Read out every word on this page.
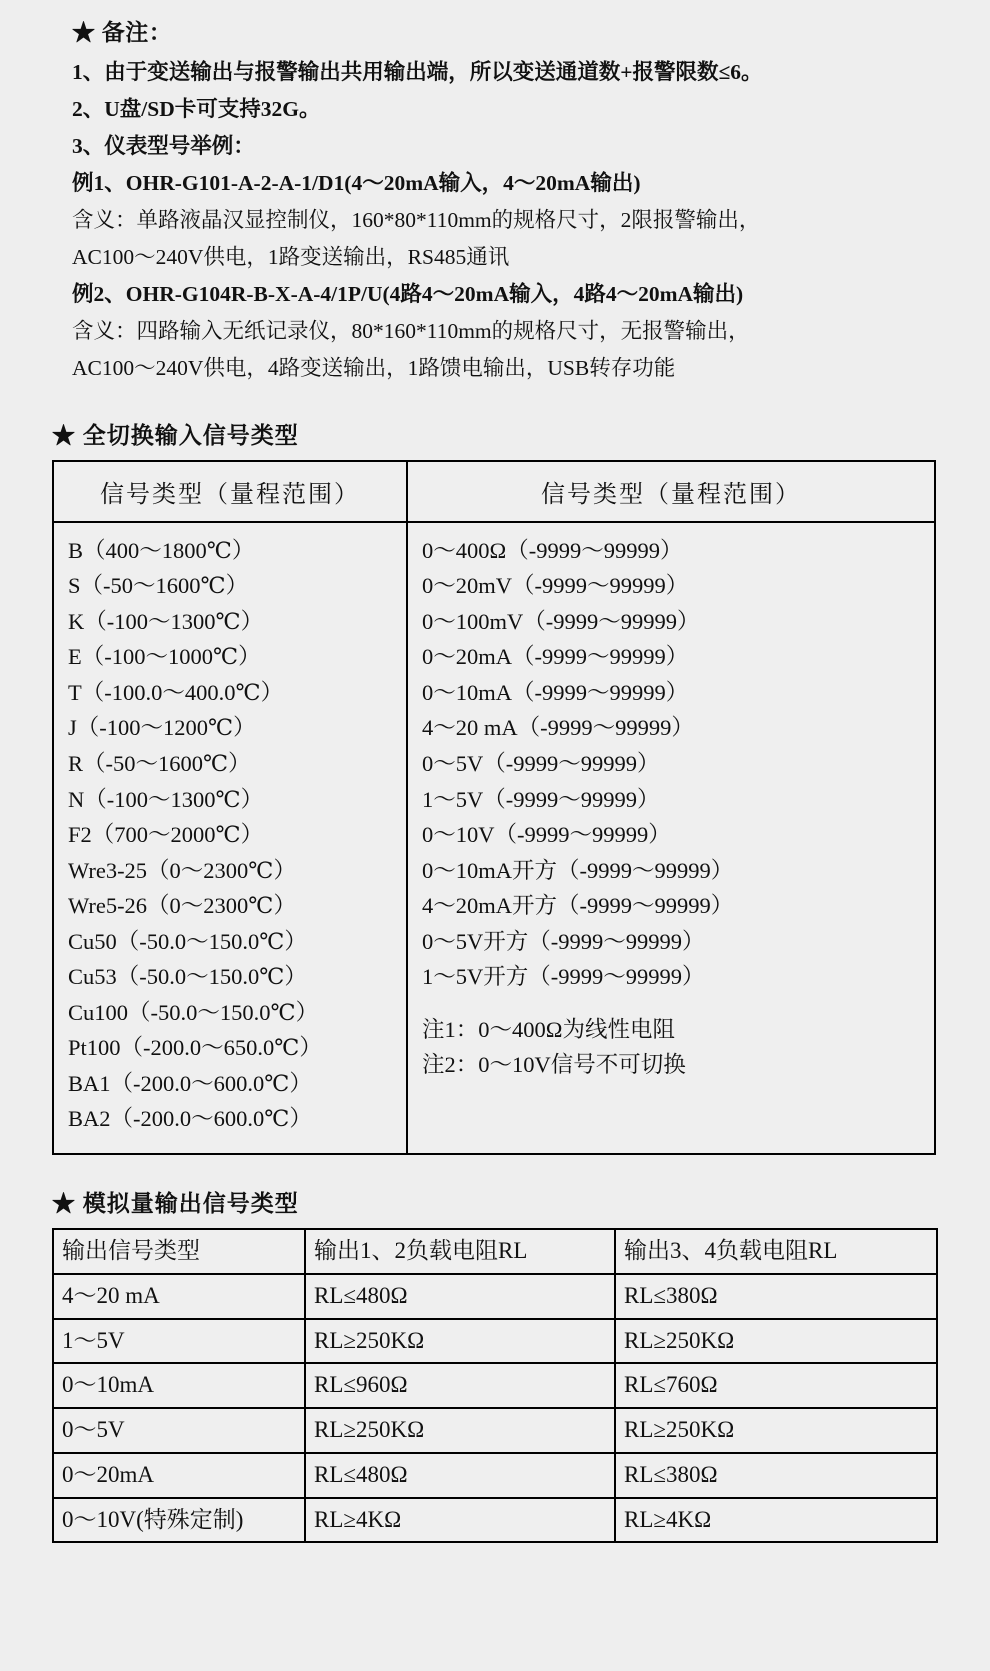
★ 备注：
1、由于变送输出与报警输出共用输出端，所以变送通道数+报警限数≤6。
2、U盘/SD卡可支持32G。
3、仪表型号举例：
例1、OHR-G101-A-2-A-1/D1(4～20mA输入，4～20mA输出)
含义：单路液晶汉显控制仪，160*80*110mm的规格尺寸，2限报警输出，
AC100～240V供电，1路变送输出，RS485通讯
例2、OHR-G104R-B-X-A-4/1P/U(4路4～20mA输入，4路4～20mA输出)
含义：四路输入无纸记录仪，80*160*110mm的规格尺寸，无报警输出，
AC100～240V供电，4路变送输出，1路馈电输出，USB转存功能
★ 全切换输入信号类型
信号类型（量程范围）	信号类型（量程范围）

B（400～1800℃）
S（-50～1600℃）
K（-100～1300℃）
E（-100～1000℃）
T（-100.0～400.0℃）
J（-100～1200℃）
R（-50～1600℃）
N（-100～1300℃）
F2（700～2000℃）
Wre3-25（0～2300℃）
Wre5-26（0～2300℃）
Cu50（-50.0～150.0℃）
Cu53（-50.0～150.0℃）
Cu100（-50.0～150.0℃）
Pt100（-200.0～650.0℃）
BA1（-200.0～600.0℃）
BA2（-200.0～600.0℃）

0～400Ω（-9999～99999）
0～20mV（-9999～99999）
0～100mV（-9999～99999）
0～20mA（-9999～99999）
0～10mA（-9999～99999）
4～20 mA（-9999～99999）
0～5V（-9999～99999）
1～5V（-9999～99999）
0～10V（-9999～99999）
0～10mA开方（-9999～99999）
4～20mA开方（-9999～99999）
0～5V开方（-9999～99999）
1～5V开方（-9999～99999）
注1：0～400Ω为线性电阻
注2：0～10V信号不可切换
★ 模拟量输出信号类型
输出信号类型	输出1、2负载电阻RL	输出3、4负载电阻RL
4～20 mA	RL≤480Ω	RL≤380Ω
1～5V	RL≥250KΩ	RL≥250KΩ
0～10mA	RL≤960Ω	RL≤760Ω
0～5V	RL≥250KΩ	RL≥250KΩ
0～20mA	RL≤480Ω	RL≤380Ω
0～10V(特殊定制)	RL≥4KΩ	RL≥4KΩ
